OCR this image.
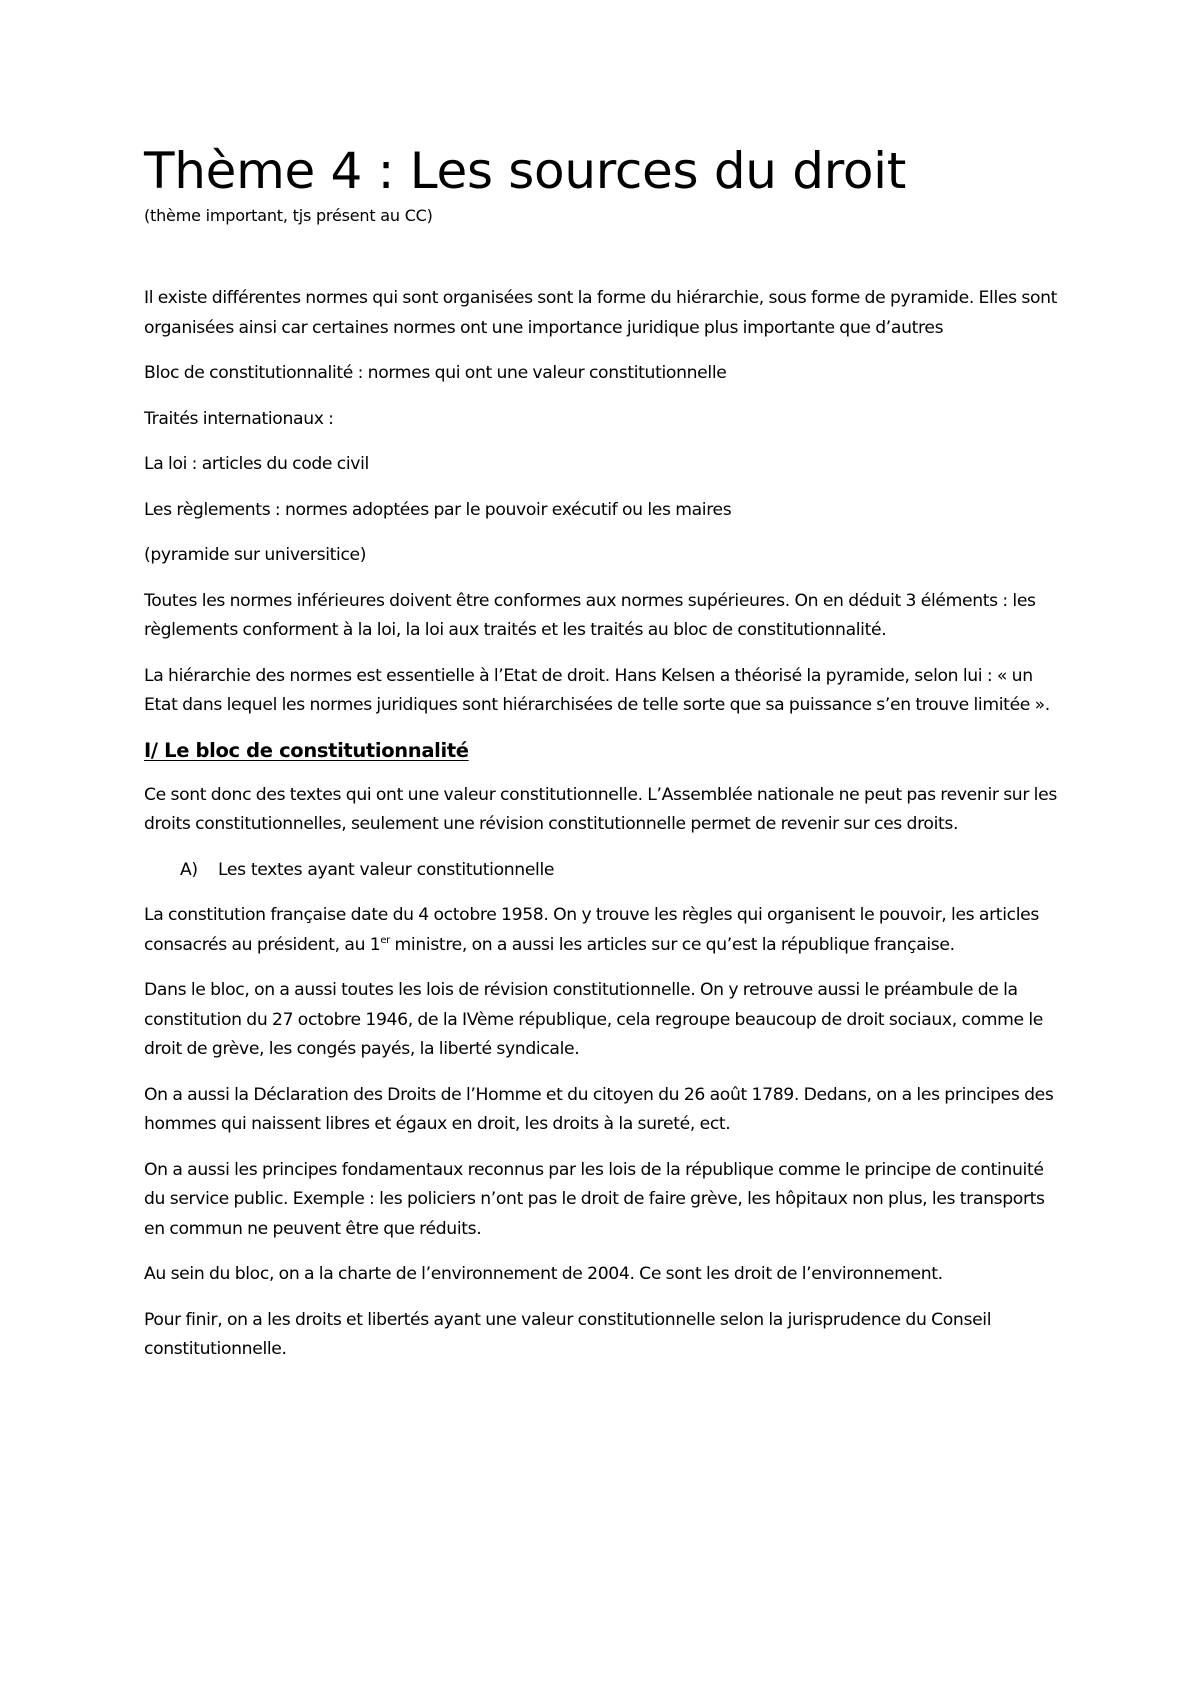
Thème 4 : Les sources du droit

(thème important, tjs présent au CC)

Il existe différentes normes qui sont organisées sont la forme du hiérarchie, sous forme de pyramide. Elles sont organisées ainsi car certaines normes ont une importance juridique plus importante que d’autres

Bloc de constitutionnalité : normes qui ont une valeur constitutionnelle

Traités internationaux :

La loi : articles du code civil

Les règlements : normes adoptées par le pouvoir exécutif ou les maires

(pyramide sur universitice)

Toutes les normes inférieures doivent être conformes aux normes supérieures. On en déduit 3 éléments : les règlements conforment à la loi, la loi aux traités et les traités au bloc de constitutionnalité.

La hiérarchie des normes est essentielle à l’Etat de droit. Hans Kelsen a théorisé la pyramide, selon lui : « un Etat dans lequel les normes juridiques sont hiérarchisées de telle sorte que sa puissance s’en trouve limitée ».

I/ Le bloc de constitutionnalité

Ce sont donc des textes qui ont une valeur constitutionnelle. L’Assemblée nationale ne peut pas revenir sur les droits constitutionnelles, seulement une révision constitutionnelle permet de revenir sur ces droits.

A)	Les textes ayant valeur constitutionnelle

La constitution française date du 4 octobre 1958. On y trouve les règles qui organisent le pouvoir, les articles consacrés au président, au 1er ministre, on a aussi les articles sur ce qu’est la république française.

Dans le bloc, on a aussi toutes les lois de révision constitutionnelle. On y retrouve aussi le préambule de la constitution du 27 octobre 1946, de la IVème république, cela regroupe beaucoup de droit sociaux, comme le droit de grève, les congés payés, la liberté syndicale.

On a aussi la Déclaration des Droits de l’Homme et du citoyen du 26 août 1789. Dedans, on a les principes des hommes qui naissent libres et égaux en droit, les droits à la sureté, ect.

On a aussi les principes fondamentaux reconnus par les lois de la république comme le principe de continuité du service public. Exemple : les policiers n’ont pas le droit de faire grève, les hôpitaux non plus, les transports en commun ne peuvent être que réduits.

Au sein du bloc, on a la charte de l’environnement de 2004. Ce sont les droit de l’environnement.

Pour finir, on a les droits et libertés ayant une valeur constitutionnelle selon la jurisprudence du Conseil constitutionnelle.
